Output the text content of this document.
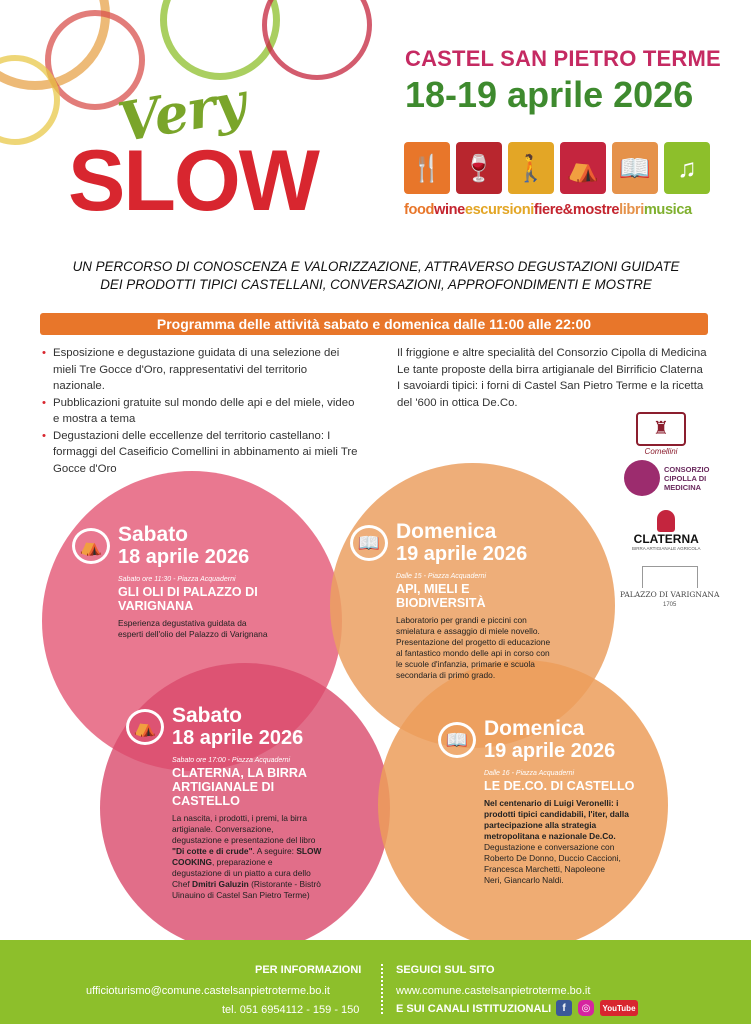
Very
SLOW
CASTEL SAN PIETRO TERME
18-19 aprile 2026
🍴 🍷 🚶 ⛺ 📖	♫
foodwineescursionifiere&mostrelibrimusica
UN PERCORSO DI CONOSCENZA E VALORIZZAZIONE, ATTRAVERSO DEGUSTAZIONI GUIDATE
DEI PRODOTTI TIPICI CASTELLANI, CONVERSAZIONI, APPROFONDIMENTI E MOSTRE
Programma delle attività sabato e domenica dalle 11:00 alle 22:00
• Esposizione e degustazione guidata di una selezione dei mieli Tre Gocce d'Oro, rappresentativi del territorio nazionale.
• Pubblicazioni gratuite sul mondo delle api e del miele, video e mostra a tema
• Degustazioni delle eccellenze del territorio castellano: I formaggi del Caseificio Comellini in abbinamento ai mieli Tre Gocce d'Oro
Il friggione e altre specialità del Consorzio Cipolla di Medicina
Le tante proposte della birra artigianale del Birrificio Claterna
I savoiardi tipici: i forni di Castel San Pietro Terme e la ricetta del '600 in ottica De.Co.
♜
Comellini
CONSORZIO
CIPOLLA DI
MEDICINA
CLATERNA
BIRRA ARTIGIANALE AGRICOLA
PALAZZO DI VARIGNANA
1705
⛺ Sabato
18 aprile 2026
Sabato ore 11:30 - Piazza Acquaderni
GLI OLI DI PALAZZO DI VARIGNANA
Esperienza degustativa guidata da esperti dell'olio del Palazzo di Varignana
📖 Domenica
19 aprile 2026
Dalle 15 - Piazza Acquaderni
API, MIELI E BIODIVERSITÀ
Laboratorio per grandi e piccini con smielatura e assaggio di miele novello. Presentazione del progetto di educazione al fantastico mondo delle api in corso con le scuole d'infanzia, primarie e scuola secondaria di primo grado.
⛺ Sabato
18 aprile 2026
Sabato ore 17:00 - Piazza Acquaderni
CLATERNA, LA BIRRA ARTIGIANALE DI CASTELLO
La nascita, i prodotti, i premi, la birra artigianale. Conversazione, degustazione e presentazione del libro "Di cotte e di crude". A seguire: SLOW COOKING, preparazione e degustazione di un piatto a cura dello Chef Dmitri Galuzin (Ristorante - Bistrò Uinauino di Castel San Pietro Terme)
📖 Domenica
19 aprile 2026
Dalle 16 - Piazza Acquaderni
LE DE.CO. DI CASTELLO
Nel centenario di Luigi Veronelli: i prodotti tipici candidabili, l'iter, dalla partecipazione alla strategia metropolitana e nazionale De.Co.
Degustazione e conversazione con Roberto De Donno, Duccio Caccioni, Francesca Marchetti, Napoleone Neri, Giancarlo Naldi.
PER INFORMAZIONI
ufficioturismo@comune.castelsanpietroterme.bo.it
tel. 051 6954112 - 159 - 150
SEGUICI SUL SITO
www.comune.castelsanpietroterme.bo.it
E SUI CANALI ISTITUZIONALI	f	◎	YouTube
